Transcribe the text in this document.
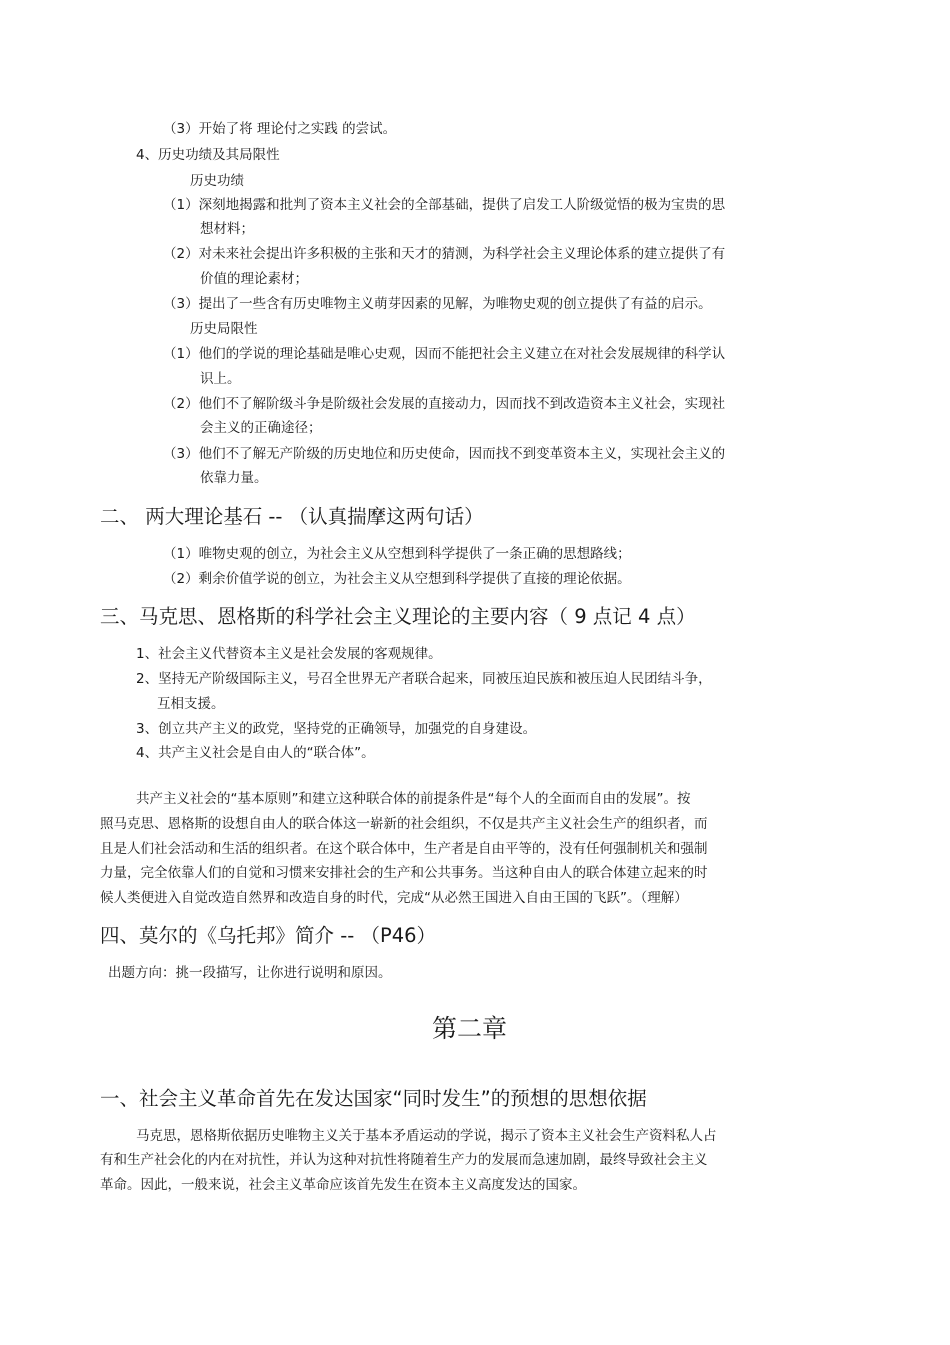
（3）开始了将 理论付之实践 的尝试。
4、历史功绩及其局限性
历史功绩
（1）深刻地揭露和批判了资本主义社会的全部基础，提供了启发工人阶级觉悟的极为宝贵的思
想材料；
（2）对未来社会提出许多积极的主张和天才的猜测，为科学社会主义理论体系的建立提供了有
价值的理论素材；
（3）提出了一些含有历史唯物主义萌芽因素的见解，为唯物史观的创立提供了有益的启示。
历史局限性
（1）他们的学说的理论基础是唯心史观，因而不能把社会主义建立在对社会发展规律的科学认
识上。
（2）他们不了解阶级斗争是阶级社会发展的直接动力，因而找不到改造资本主义社会，实现社
会主义的正确途径；
（3）他们不了解无产阶级的历史地位和历史使命，因而找不到变革资本主义，实现社会主义的
依靠力量。
二、 两大理论基石 -- （认真揣摩这两句话）
（1）唯物史观的创立，为社会主义从空想到科学提供了一条正确的思想路线；
（2）剩余价值学说的创立，为社会主义从空想到科学提供了直接的理论依据。
三、马克思、恩格斯的科学社会主义理论的主要内容（ 9 点记 4 点）
1、社会主义代替资本主义是社会发展的客观规律。
2、坚持无产阶级国际主义，号召全世界无产者联合起来，同被压迫民族和被压迫人民团结斗争，
互相支援。
3、创立共产主义的政党，坚持党的正确领导，加强党的自身建设。
4、共产主义社会是自由人的“联合体”。
共产主义社会的“基本原则”和建立这种联合体的前提条件是“每个人的全面而自由的发展”。按
照马克思、恩格斯的设想自由人的联合体这一崭新的社会组织，不仅是共产主义社会生产的组织者，而
且是人们社会活动和生活的组织者。在这个联合体中，生产者是自由平等的，没有任何强制机关和强制
力量，完全依靠人们的自觉和习惯来安排社会的生产和公共事务。当这种自由人的联合体建立起来的时
候人类便进入自觉改造自然界和改造自身的时代，完成“从必然王国进入自由王国的飞跃”。（理解）
四、莫尔的《乌托邦》简介 -- （P46）
出题方向：挑一段描写，让你进行说明和原因。
第二章
一、社会主义革命首先在发达国家“同时发生”的预想的思想依据
马克思，恩格斯依据历史唯物主义关于基本矛盾运动的学说，揭示了资本主义社会生产资料私人占
有和生产社会化的内在对抗性，并认为这种对抗性将随着生产力的发展而急速加剧，最终导致社会主义
革命。因此，一般来说，社会主义革命应该首先发生在资本主义高度发达的国家。
